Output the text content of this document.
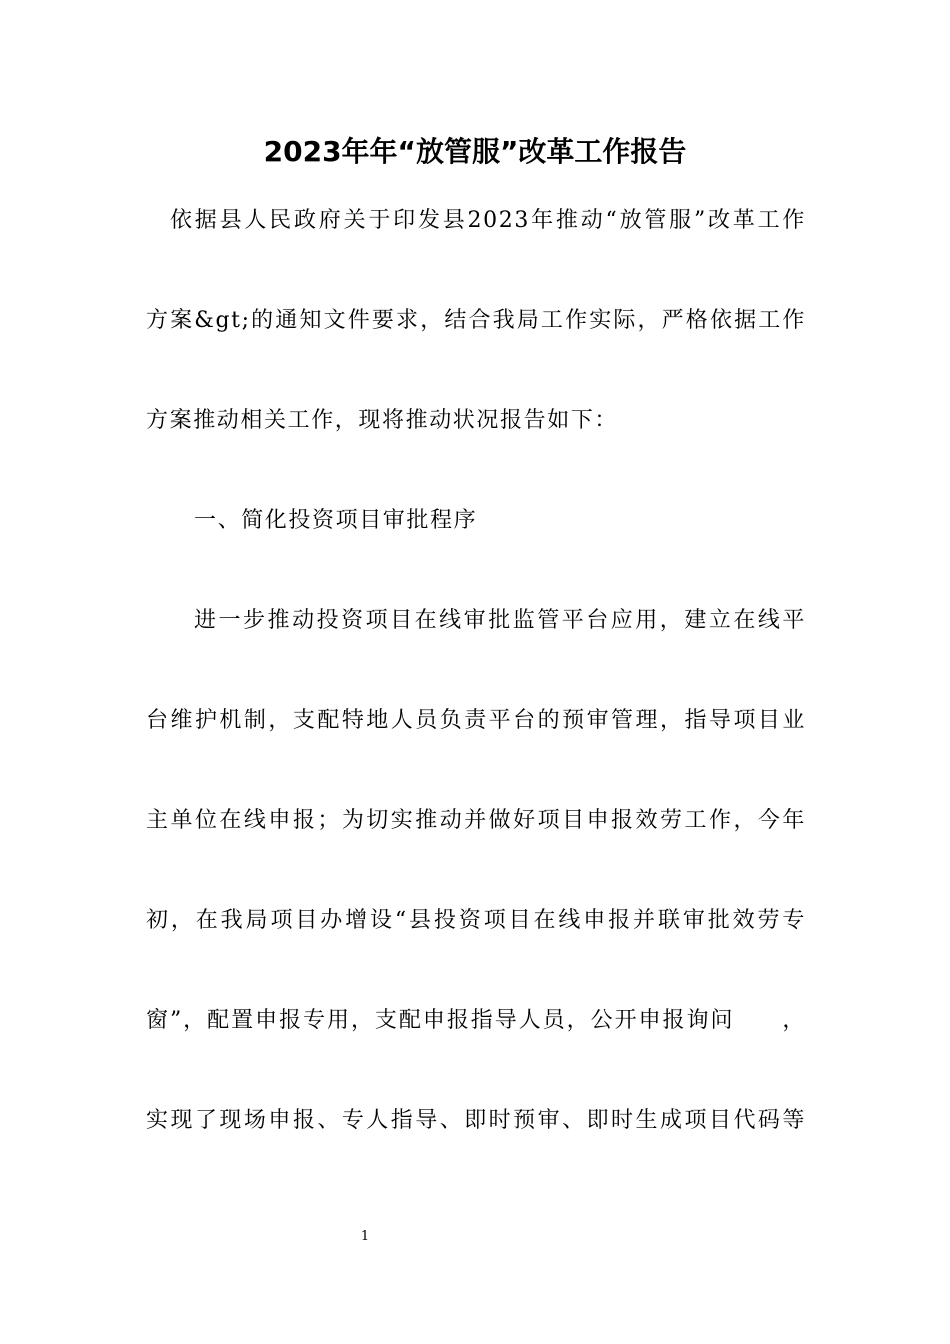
2023年年“放管服”改革工作报告
依据县人民政府关于印发县2023年推动“放管服”改革工作
方案&gt;的通知文件要求，结合我局工作实际，严格依据工作
方案推动相关工作，现将推动状况报告如下：
一、简化投资项目审批程序
进一步推动投资项目在线审批监管平台应用，建立在线平
台维护机制，支配特地人员负责平台的预审管理，指导项目业
主单位在线申报；为切实推动并做好项目申报效劳工作，今年
初，在我局项目办增设“县投资项目在线申报并联审批效劳专
窗”，配置申报专用，支配申报指导人员，公开申报询问　　，
实现了现场申报、专人指导、即时预审、即时生成项目代码等
1
